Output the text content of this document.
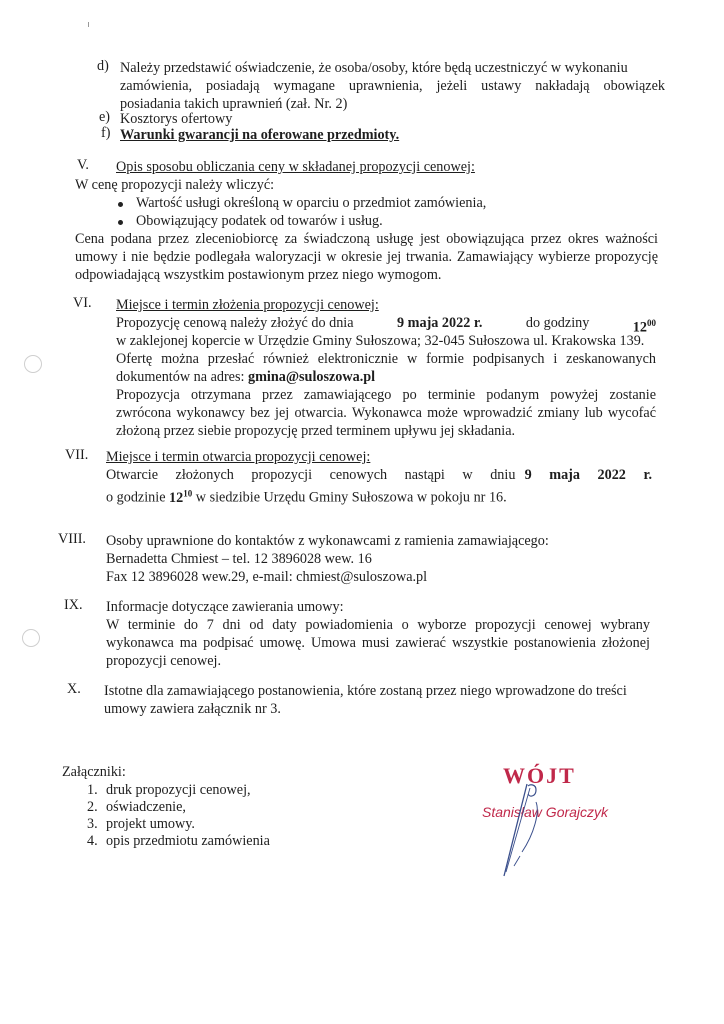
d) Należy przedstawić oświadczenie, że osoba/osoby, które będą uczestniczyć w wykonaniu
zamówienia, posiadają wymagane uprawnienia, jeżeli ustawy nakładają obowiązek
posiadania takich uprawnień (zał. Nr. 2)
e) Kosztorys ofertowy
f) Warunki gwarancji na oferowane przedmioty.
V. Opis sposobu obliczania ceny w składanej propozycji cenowej:
W cenę propozycji należy wliczyć:
Wartość usługi określoną w oparciu o przedmiot zamówienia,
Obowiązujący podatek od towarów i usług.
Cena podana przez zleceniobiorcę za świadczoną usługę jest obowiązująca przez okres ważności
umowy i nie będzie podlegała waloryzacji w okresie jej trwania. Zamawiający wybierze propozycję
odpowiadającą wszystkim postawionym przez niego wymogom.
VI. Miejsce i termin złożenia propozycji cenowej:
Propozycję cenową należy złożyć do dnia	9 maja 2022 r.	do godziny	$12^{00}$
w zaklejonej kopercie w Urzędzie Gminy Sułoszowa; 32-045 Sułoszowa ul. Krakowska 139.
Ofertę można przesłać również elektronicznie w formie podpisanych i zeskanowanych
dokumentów na adres: gmina@suloszowa.pl
Propozycja otrzymana przez zamawiającego po terminie podanym powyżej zostanie
zwrócona wykonawcy bez jej otwarcia. Wykonawca może wprowadzić zmiany lub wycofać
złożoną przez siebie propozycję przed terminem upływu jej składania.
VII. Miejsce i termin otwarcia propozycji cenowej:
Otwarcie złożonych propozycji cenowych nastąpi w dniu 9 maja 2022 r.
o godzinie $12^{10}$ w siedzibie Urzędu Gminy Sułoszowa w pokoju nr 16.
VIII. Osoby uprawnione do kontaktów z wykonawcami z ramienia zamawiającego:
Bernadetta Chmiest – tel. 12 3896028 wew. 16
Fax 12 3896028 wew.29, e-mail: chmiest@suloszowa.pl
IX. Informacje dotyczące zawierania umowy:
W terminie do 7 dni od daty powiadomienia o wyborze propozycji cenowej wybrany
wykonawca ma podpisać umowę. Umowa musi zawierać wszystkie postanowienia złożonej
propozycji cenowej.
X. Istotne dla zamawiającego postanowienia, które zostaną przez niego wprowadzone do treści
umowy zawiera załącznik nr 3.
Załączniki:
1. druk propozycji cenowej,
2. oświadczenie,
3. projekt umowy.
4. opis przedmiotu zamówienia
WÓJT
Stanisław Gorajczyk
